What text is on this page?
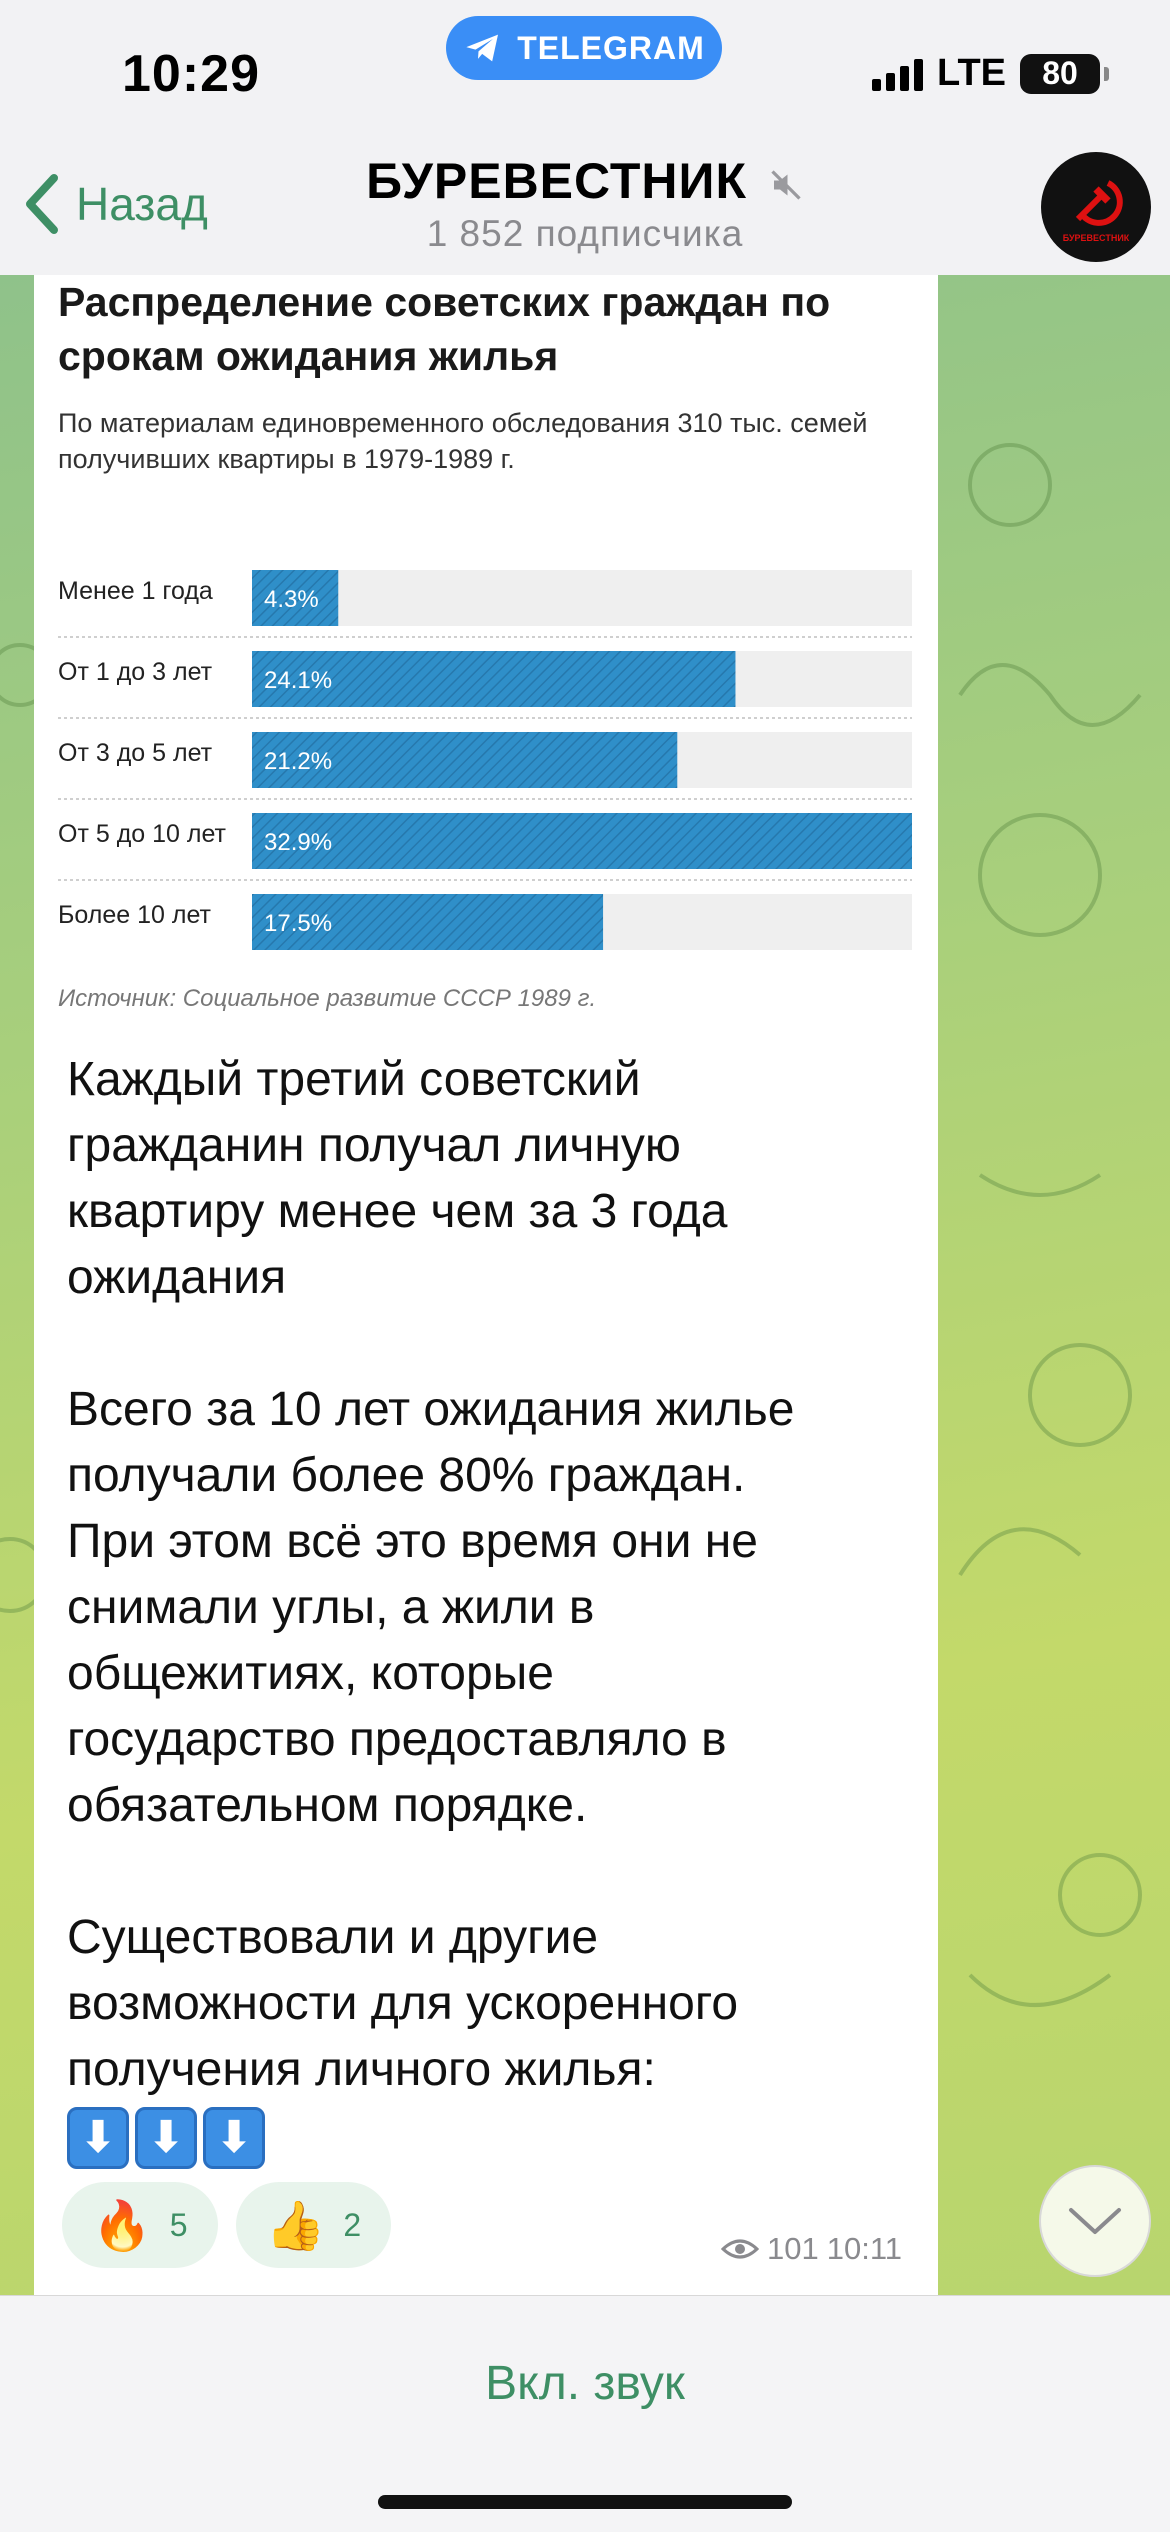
10:29	TELEGRAM
LTE 80
Назад	БУРЕВЕСТНИК
1 852 подписчика	БУРЕВЕСТНИК
Менее 1 года 4.3%
От 1 до 3 лет 24.1%
От 3 до 5 лет 21.2%
От 5 до 10 лет 32.9%
Более 10 лет 17.5%
Распределение советских граждан по срокам ожидания жилья
По материалам единовременного обследования 310 тыс. семей получивших квартиры в 1979-1989 г.
Источник: Социальное развитие СССР 1989 г.
Каждый третий советский
гражданин получал личную
квартиру менее чем за 3 года
ожидания

Всего за 10 лет ожидания жилье
получали более 80% граждан.
При этом всё это время они не
снимали углы, а жили в
общежитиях, которые
государство предоставляло в
обязательном порядке.

Существовали и другие
возможности для ускоренного
получения личного жилья:

⬇ ⬇ ⬇
🔥 5 👍 2
101 10:11
Вкл. звук
